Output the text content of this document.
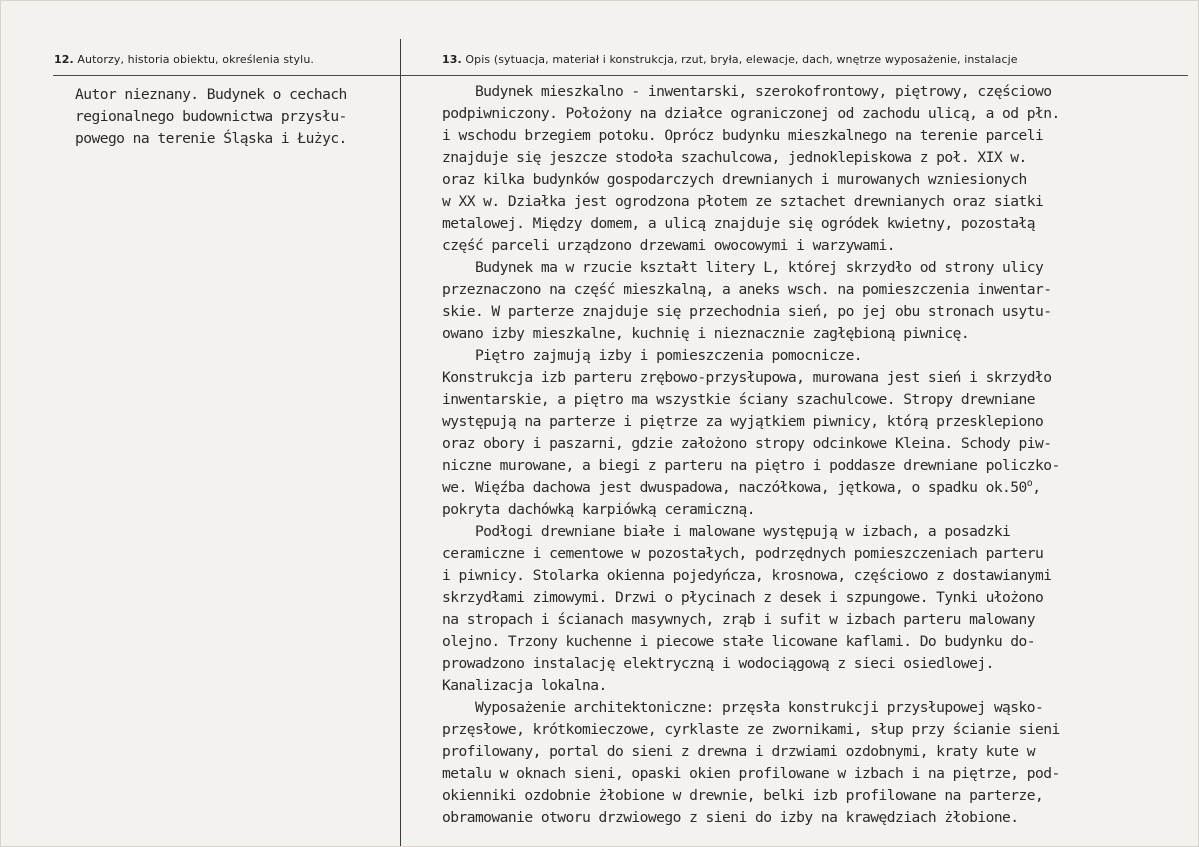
12. Autorzy, historia obiektu, określenia stylu.	13. Opis (sytuacja, materiał i konstrukcja, rzut, bryła, elewacje, dach, wnętrze wyposażenie, instalacje
Autor nieznany. Budynek o cechach
regionalnego budownictwa przysłu-
powego na terenie Śląska i Łużyc.
Budynek mieszkalno - inwentarski, szerokofrontowy, piętrowy, częściowo
podpiwniczony. Położony na działce ograniczonej od zachodu ulicą, a od płn.
i wschodu brzegiem potoku. Oprócz budynku mieszkalnego na terenie parceli
znajduje się jeszcze stodoła szachulcowa, jednoklepiskowa z poł. XIX w.
oraz kilka budynków gospodarczych drewnianych i murowanych wzniesionych
w XX w. Działka jest ogrodzona płotem ze sztachet drewnianych oraz siatki
metalowej. Między domem, a ulicą znajduje się ogródek kwietny, pozostałą
część parceli urządzono drzewami owocowymi i warzywami.
Budynek ma w rzucie kształt litery L, której skrzydło od strony ulicy
przeznaczono na część mieszkalną, a aneks wsch. na pomieszczenia inwentar-
skie. W parterze znajduje się przechodnia sień, po jej obu stronach usytu-
owano izby mieszkalne, kuchnię i nieznacznie zagłębioną piwnicę.
Piętro zajmują izby i pomieszczenia pomocnicze.
Konstrukcja izb parteru zrębowo-przysłupowa, murowana jest sień i skrzydło
inwentarskie, a piętro ma wszystkie ściany szachulcowe. Stropy drewniane
występują na parterze i piętrze za wyjątkiem piwnicy, którą przesklepiono
oraz obory i paszarni, gdzie założono stropy odcinkowe Kleina. Schody piw-
niczne murowane, a biegi z parteru na piętro i poddasze drewniane policzko-
we. Więźba dachowa jest dwuspadowa, naczółkowa, jętkowa, o spadku ok.50$^o$,
pokryta dachówką karpiówką ceramiczną.
Podłogi drewniane białe i malowane występują w izbach, a posadzki
ceramiczne i cementowe w pozostałych, podrzędnych pomieszczeniach parteru
i piwnicy. Stolarka okienna pojedyńcza, krosnowa, częściowo z dostawianymi
skrzydłami zimowymi. Drzwi o płycinach z desek i szpungowe. Tynki ułożono
na stropach i ścianach masywnych, zrąb i sufit w izbach parteru malowany
olejno. Trzony kuchenne i piecowe stałe licowane kaflami. Do budynku do-
prowadzono instalację elektryczną i wodociągową z sieci osiedlowej.
Kanalizacja lokalna.
Wyposażenie architektoniczne: przęsła konstrukcji przysłupowej wąsko-
przęsłowe, krótkomieczowe, cyrklaste ze zwornikami, słup przy ścianie sieni
profilowany, portal do sieni z drewna i drzwiami ozdobnymi, kraty kute w
metalu w oknach sieni, opaski okien profilowane w izbach i na piętrze, pod-
okienniki ozdobnie żłobione w drewnie, belki izb profilowane na parterze,
obramowanie otworu drzwiowego z sieni do izby na krawędziach żłobione.
